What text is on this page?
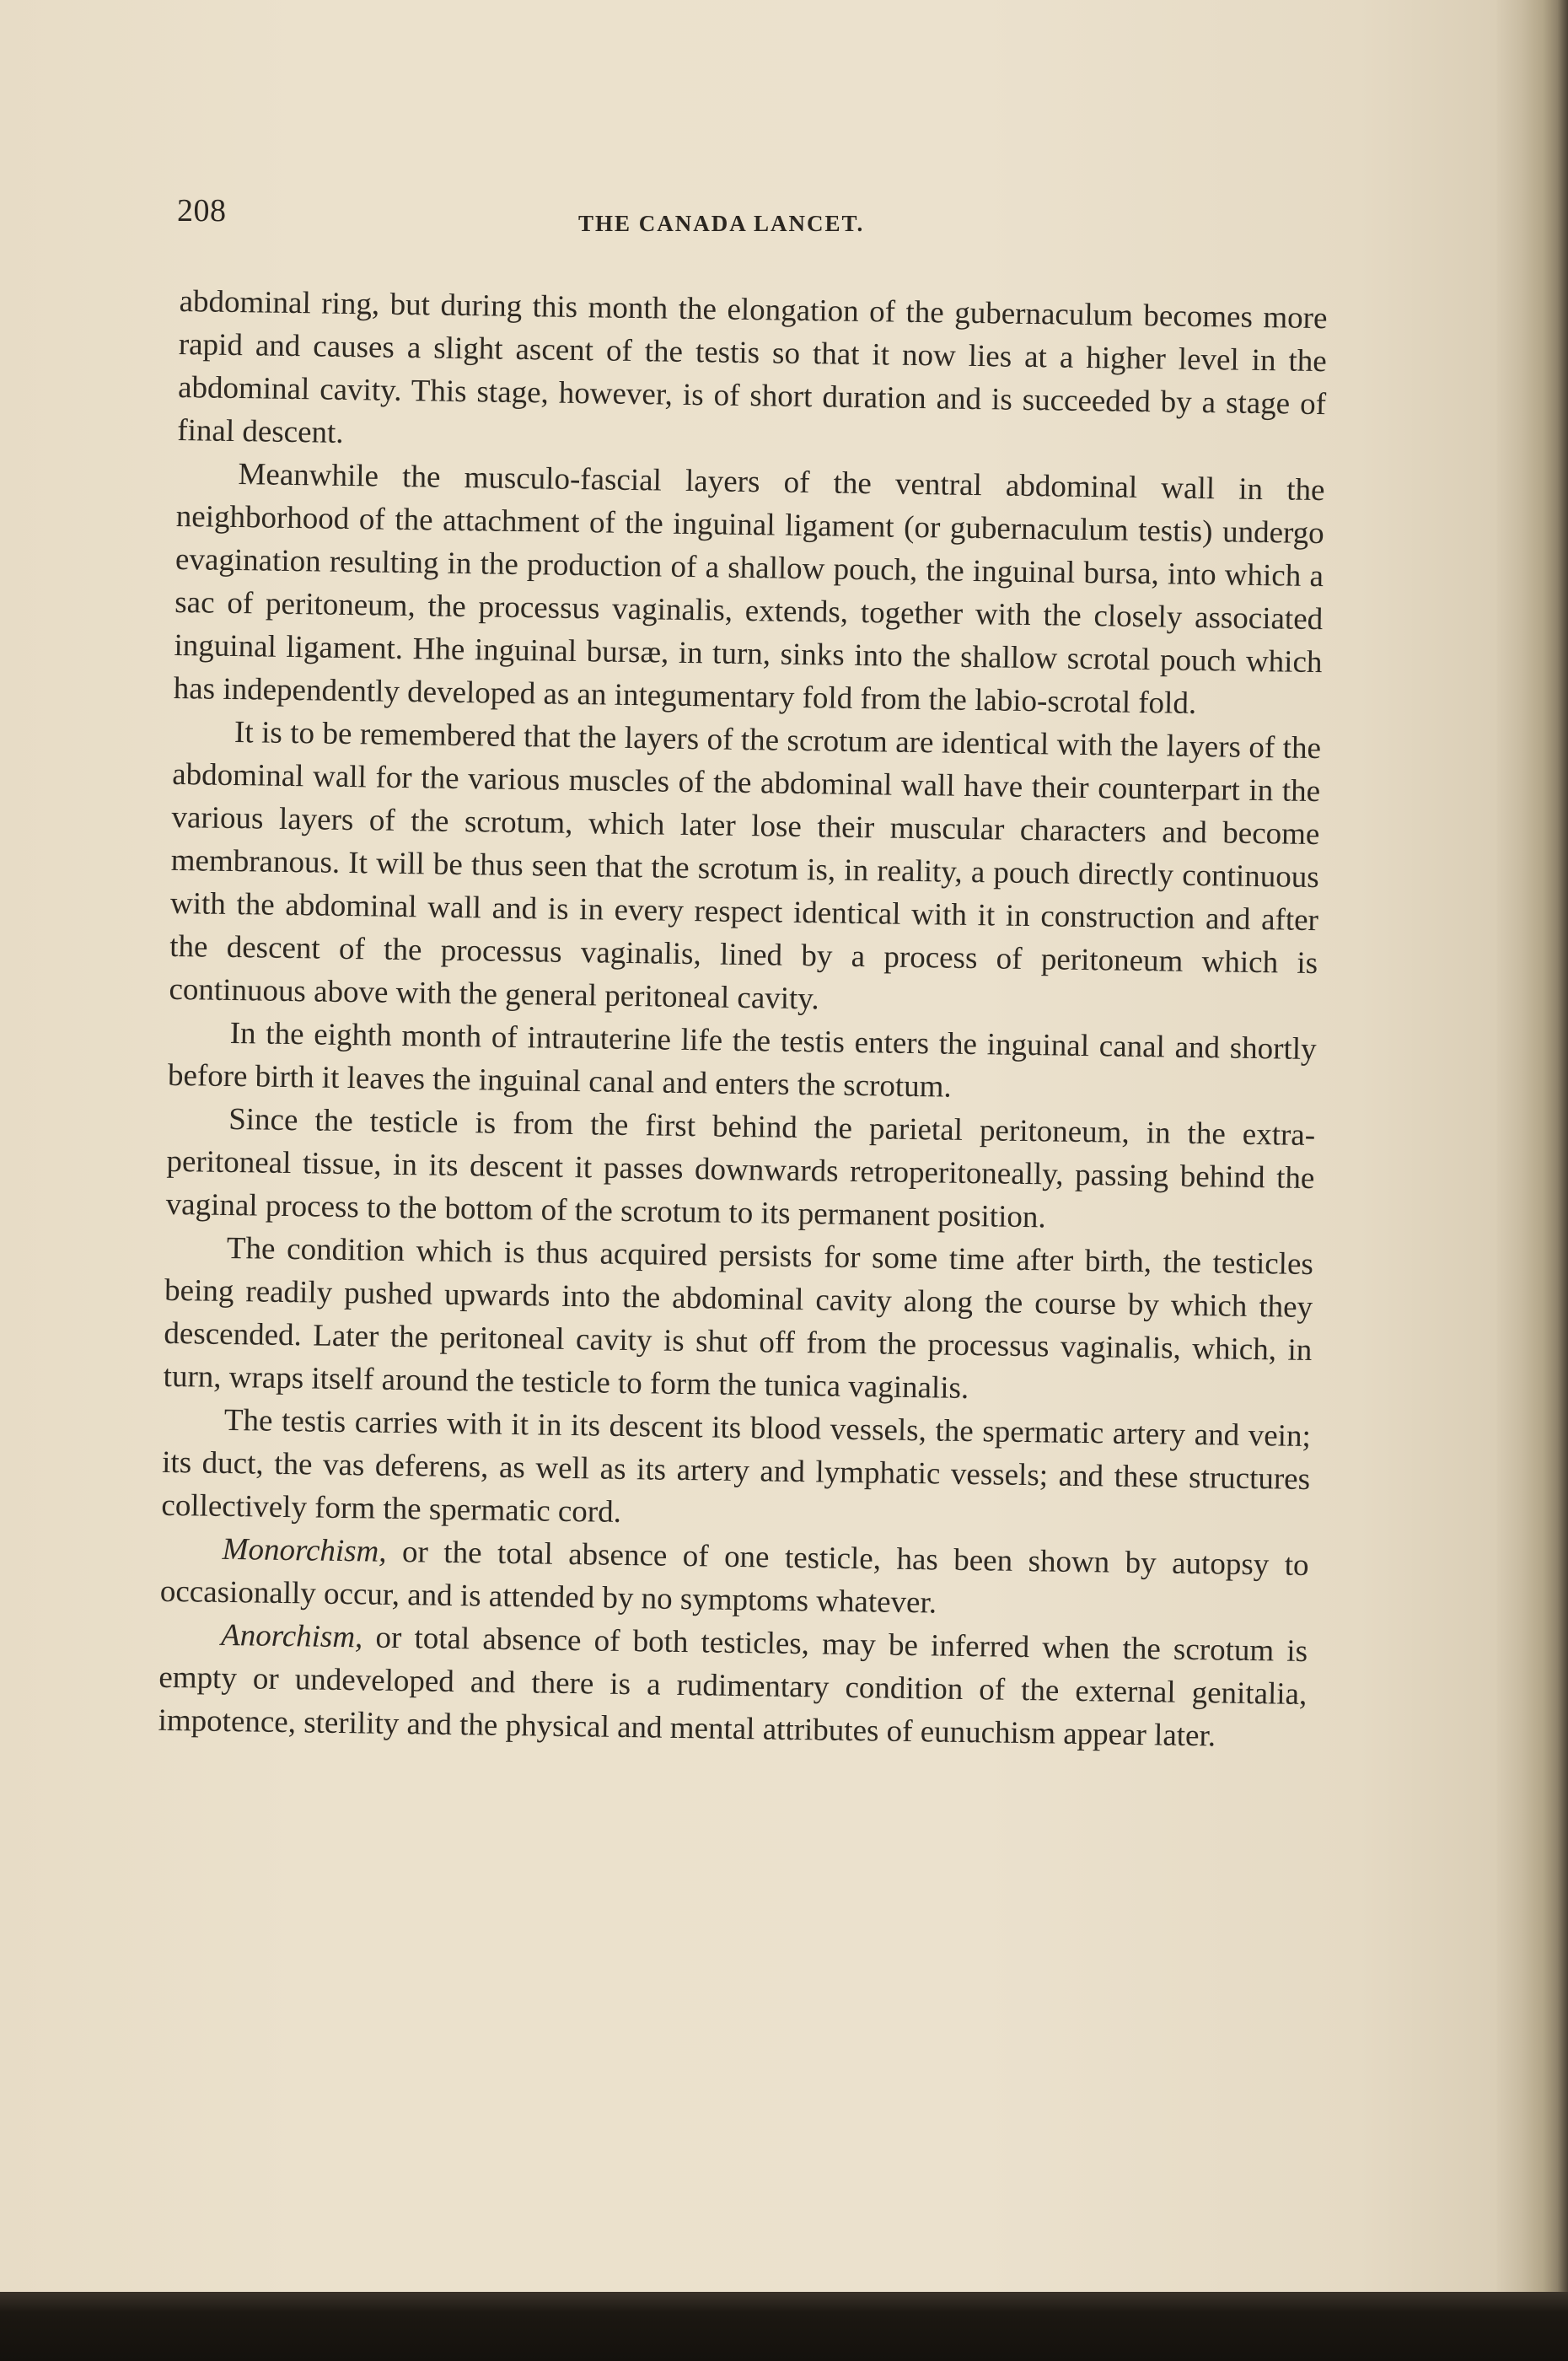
208	THE CANADA LANCET.

abdominal ring, but during this month the elongation of the gubernaculum becomes more rapid and causes a slight ascent of the testis so that it now lies at a higher level in the abdominal cavity. This stage, however, is of short duration and is succeeded by a stage of final descent.

Meanwhile the musculo-fascial layers of the ventral abdominal wall in the neighborhood of the attachment of the inguinal ligament (or gubernaculum testis) undergo evagination resulting in the production of a shallow pouch, the inguinal bursa, into which a sac of peritoneum, the processus vaginalis, extends, together with the closely associated inguinal ligament. Hhe inguinal bursæ, in turn, sinks into the shallow scrotal pouch which has independently developed as an integumentary fold from the labio-scrotal fold.

It is to be remembered that the layers of the scrotum are identical with the layers of the abdominal wall for the various muscles of the abdominal wall have their counterpart in the various layers of the scrotum, which later lose their muscular characters and become membranous. It will be thus seen that the scrotum is, in reality, a pouch directly continuous with the abdominal wall and is in every respect identical with it in construction and after the descent of the processus vaginalis, lined by a process of peritoneum which is continuous above with the general peritoneal cavity.

In the eighth month of intrauterine life the testis enters the inguinal canal and shortly before birth it leaves the inguinal canal and enters the scrotum.

Since the testicle is from the first behind the parietal peritoneum, in the extra-peritoneal tissue, in its descent it passes downwards retroperitoneally, passing behind the vaginal process to the bottom of the scrotum to its permanent position.

The condition which is thus acquired persists for some time after birth, the testicles being readily pushed upwards into the abdominal cavity along the course by which they descended. Later the peritoneal cavity is shut off from the processus vaginalis, which, in turn, wraps itself around the testicle to form the tunica vaginalis.

The testis carries with it in its descent its blood vessels, the spermatic artery and vein; its duct, the vas deferens, as well as its artery and lymphatic vessels; and these structures collectively form the spermatic cord.

Monorchism, or the total absence of one testicle, has been shown by autopsy to occasionally occur, and is attended by no symptoms whatever.

Anorchism, or total absence of both testicles, may be inferred when the scrotum is empty or undeveloped and there is a rudimentary condition of the external genitalia, impotence, sterility and the physical and mental attributes of eunuchism appear later.
